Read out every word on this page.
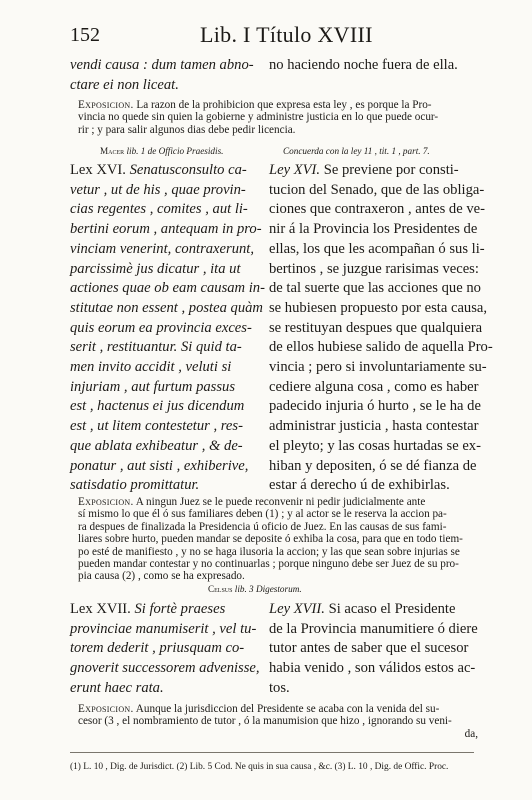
152	Lib. I Título XVIII

vendi causa : dum tamen abno-

ctare ei non liceat.

no haciendo noche fuera de ella.

Exposicion. La razon de la prohibicion que expresa esta ley , es porque la Pro-

vincia no quede sin quien la gobierne y administre justicia en lo que puede ocur-

rir ; y para salir algunos dias debe pedir licencia.

Macer lib. 1 de Officio Praesidis.	Concuerda con la ley 11 , tit. 1 , part. 7.

Lex XVI. Senatusconsulto ca-

vetur , ut de his , quae provin-

cias regentes , comites , aut li-

bertini eorum , antequam in pro-

vinciam venerint, contraxerunt,

parcissimè jus dicatur , ita ut

actiones quae ob eam causam in-

stitutae non essent , postea quàm

quis eorum ea provincia exces-

serit , restituantur. Si quid ta-

men invito accidit , veluti si

injuriam , aut furtum passus

est , hactenus ei jus dicendum

est , ut litem contestetur , res-

que ablata exhibeatur , & de-

ponatur , aut sisti , exhiberive,

satisdatio promittatur.

Ley XVI. Se previene por consti-

tucion del Senado, que de las obliga-

ciones que contraxeron , antes de ve-

nir á la Provincia los Presidentes de

ellas, los que les acompañan ó sus li-

bertinos , se juzgue rarisimas veces:

de tal suerte que las acciones que no

se hubiesen propuesto por esta causa,

se restituyan despues que qualquiera

de ellos hubiese salido de aquella Pro-

vincia ; pero si involuntariamente su-

cediere alguna cosa , como es haber

padecido injuria ó hurto , se le ha de

administrar justicia , hasta contestar

el pleyto; y las cosas hurtadas se ex-

hiban y depositen, ó se dé fianza de

estar á derecho ú de exhibirlas.

Exposicion. A ningun Juez se le puede reconvenir ni pedir judicialmente ante

sí mismo lo que él ó sus familiares deben (1) ; y al actor se le reserva la accion pa-

ra despues de finalizada la Presidencia ú oficio de Juez. En las causas de sus fami-

liares sobre hurto, pueden mandar se deposite ó exhiba la cosa, para que en todo tiem-

po esté de manifiesto , y no se haga ilusoria la accion; y las que sean sobre injurias se

pueden mandar contestar y no continuarlas ; porque ninguno debe ser Juez de su pro-

pia causa (2) , como se ha expresado.

Celsus lib. 3 Digestorum.

Lex XVII. Si fortè praeses

provinciae manumiserit , vel tu-

torem dederit , priusquam co-

gnoverit successorem advenisse,

erunt haec rata.

Ley XVII. Si acaso el Presidente

de la Provincia manumitiere ó diere

tutor antes de saber que el sucesor

habia venido , son válidos estos ac-

tos.

Exposicion. Aunque la jurisdiccion del Presidente se acaba con la venida del su-

cesor (3 , el nombramiento de tutor , ó la manumision que hizo , ignorando su veni-

da,

(1) L. 10 , Dig. de Jurisdict. (2) Lib. 5 Cod. Ne quis in sua causa , &c. (3) L. 10 , Dig. de Offic. Proc.
